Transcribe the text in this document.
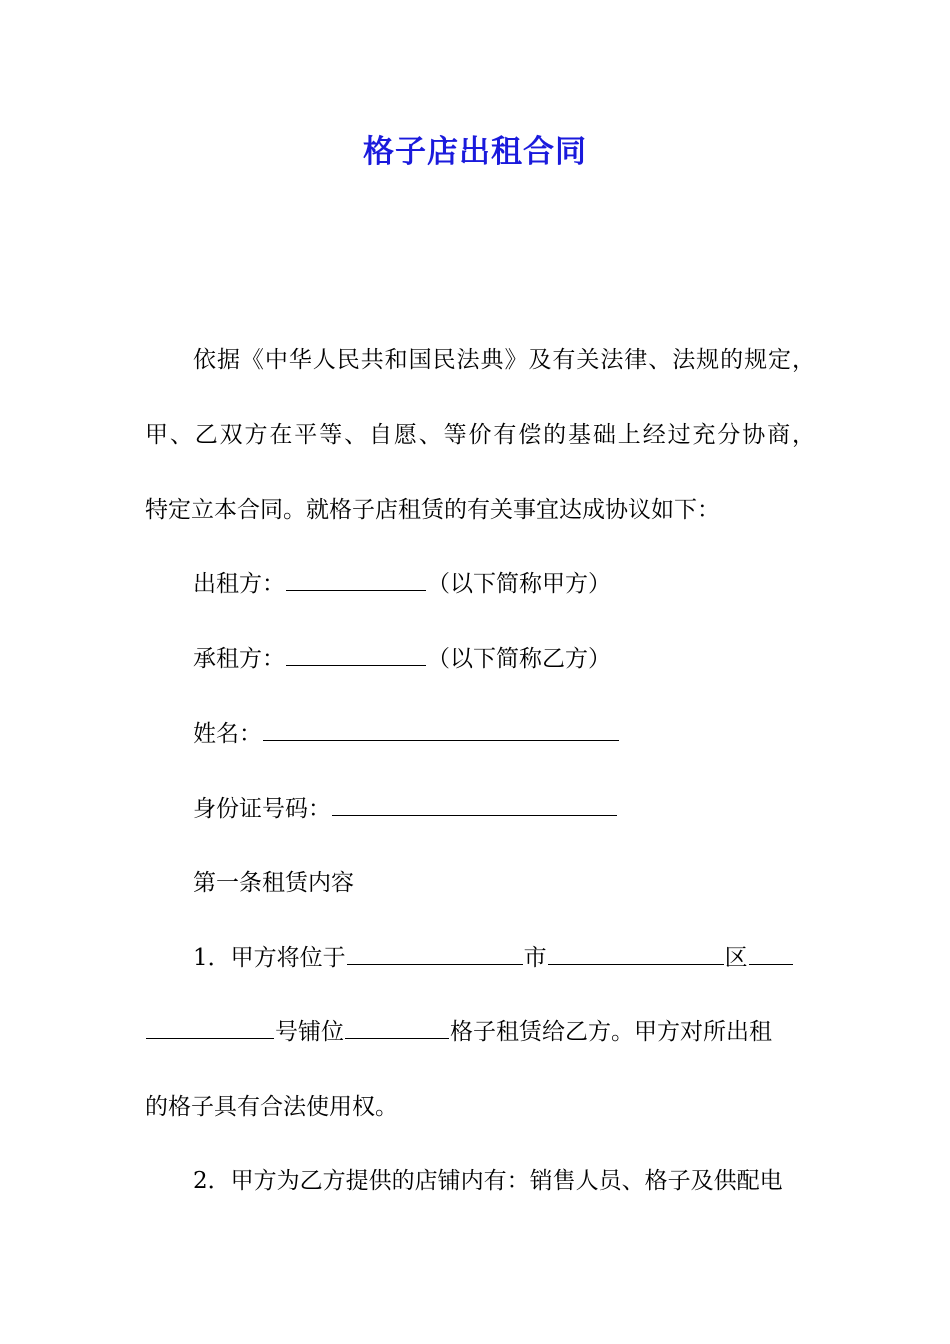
格子店出租合同

依据《中华人民共和国民法典》及有关法律、法规的规定，

甲、乙双方在平等、自愿、等价有偿的基础上经过充分协商，

特定立本合同。就格子店租赁的有关事宜达成协议如下：

出租方：	（以下简称甲方）

承租方：	（以下简称乙方）

姓名：

身份证号码：

第一条租赁内容

1．甲方将位于	市	区

号铺位	格子租赁给乙方。甲方对所出租

的格子具有合法使用权。

2．甲方为乙方提供的店铺内有：销售人员、格子及供配电
